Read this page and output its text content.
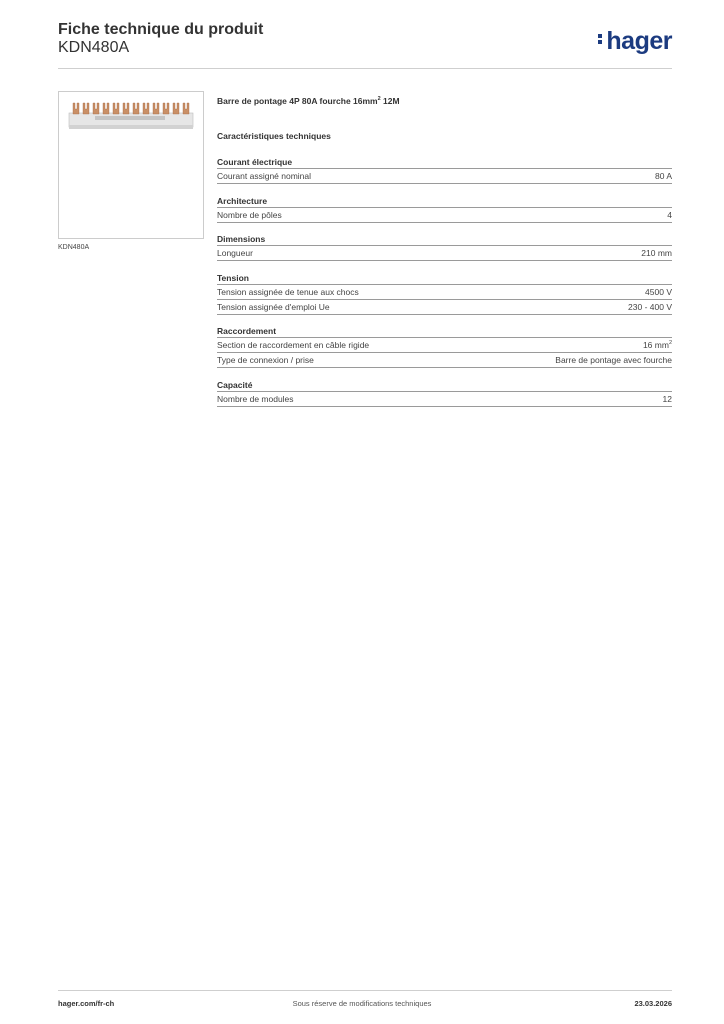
Fiche technique du produit
KDN480A	hager
KDN480A
Barre de pontage 4P 80A fourche $16mm^2$ 12M
Caractéristiques techniques
Courant électrique
Courant assigné nominal	80 A
Architecture
Nombre de pôles	4
Dimensions
Longueur	210 mm
Tension
Tension assignée de tenue aux chocs	4500 V
Tension assignée d'emploi Ue	230 - 400 V
Raccordement
Section de raccordement en câble rigide	16 $mm^2$
Type de connexion / prise	Barre de pontage avec fourche
Capacité
Nombre de modules	12
hager.com/fr-ch	Sous réserve de modifications techniques	23.03.2026
